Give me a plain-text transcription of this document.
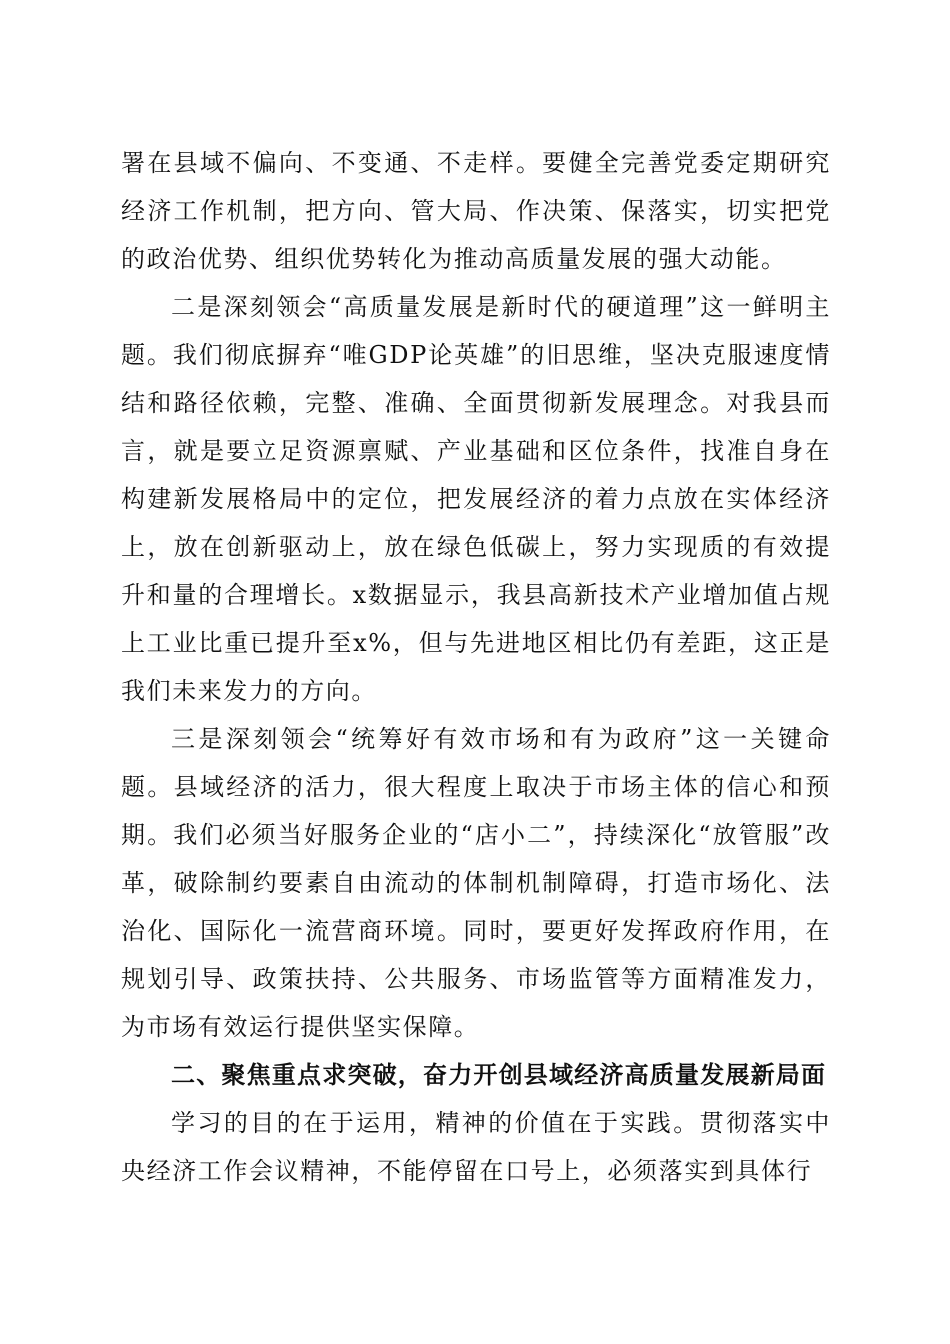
署在县域不偏向、不变通、不走样。要健全完善党委定期研究经济工作机制，把方向、管大局、作决策、保落实，切实把党的政治优势、组织优势转化为推动高质量发展的强大动能。

二是深刻领会“高质量发展是新时代的硬道理”这一鲜明主题。我们彻底摒弃“唯GDP论英雄”的旧思维，坚决克服速度情结和路径依赖，完整、准确、全面贯彻新发展理念。对我县而言，就是要立足资源禀赋、产业基础和区位条件，找准自身在构建新发展格局中的定位，把发展经济的着力点放在实体经济上，放在创新驱动上，放在绿色低碳上，努力实现质的有效提升和量的合理增长。x数据显示，我县高新技术产业增加值占规上工业比重已提升至x%，但与先进地区相比仍有差距，这正是我们未来发力的方向。

三是深刻领会“统筹好有效市场和有为政府”这一关键命题。县域经济的活力，很大程度上取决于市场主体的信心和预期。我们必须当好服务企业的“店小二”，持续深化“放管服”改革，破除制约要素自由流动的体制机制障碍，打造市场化、法治化、国际化一流营商环境。同时，要更好发挥政府作用，在规划引导、政策扶持、公共服务、市场监管等方面精准发力，为市场有效运行提供坚实保障。

二、聚焦重点求突破，奋力开创县域经济高质量发展新局面

学习的目的在于运用，精神的价值在于实践。贯彻落实中央经济工作会议精神，不能停留在口号上，必须落实到具体行
